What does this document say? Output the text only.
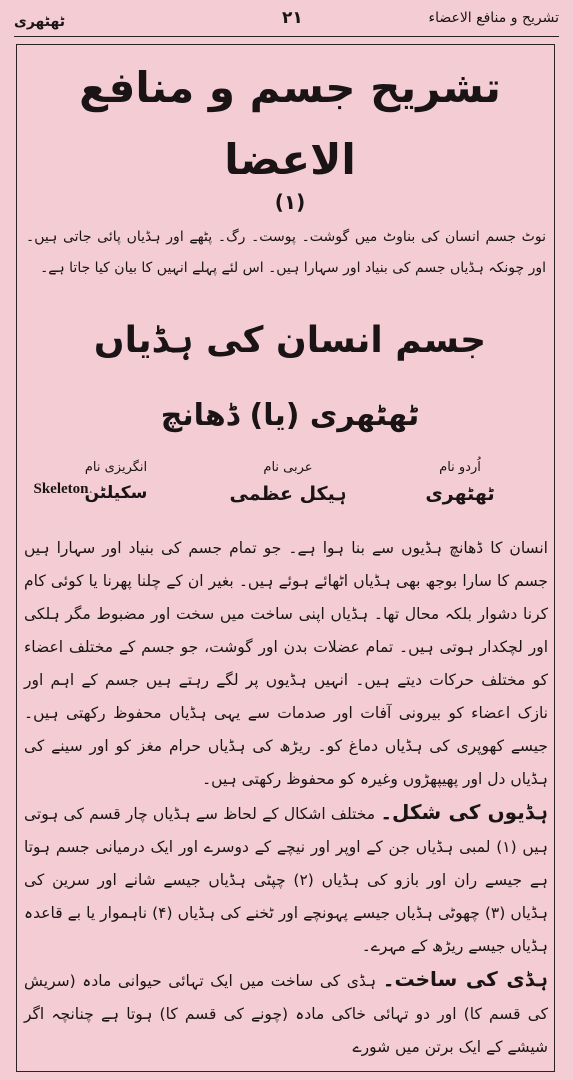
تشریح و منافع الاعضاء
۲۱
ٹھٹھری
تشریح جسم و منافع الاعضا
(۱)
نوٹ جسم انسان کی بناوٹ میں گوشت۔ پوست۔ رگ۔ پٹھے اور ہڈیاں پائی جاتی ہیں۔ اور چونکہ ہڈیاں جسم کی بنیاد اور سہارا ہیں۔ اس لئے پہلے انہیں کا بیان کیا جاتا ہے۔
جسم انسان کی ہڈیاں
ٹھٹھری (یا) ڈھانچ
اُردو نام
ٹھٹھری
عربی نام
ہیکل عظمی
انگریزی نام
سکیلٹن
Skeleton

انسان کا ڈھانچ ہڈیوں سے بنا ہوا ہے۔ جو تمام جسم کی بنیاد اور سہارا ہیں جسم کا سارا بوجھ بھی ہڈیاں اٹھائے ہوئے ہیں۔ بغیر ان کے چلنا پھرنا یا کوئی کام کرنا دشوار بلکہ محال تھا۔ ہڈیاں اپنی ساخت میں سخت اور مضبوط مگر ہلکی اور لچکدار ہوتی ہیں۔ تمام عضلات بدن اور گوشت، جو جسم کے مختلف اعضاء کو مختلف حرکات دیتے ہیں۔ انہیں ہڈیوں پر لگے رہتے ہیں جسم کے اہم اور نازک اعضاء کو بیرونی آفات اور صدمات سے یہی ہڈیاں محفوظ رکھتی ہیں۔ جیسے کھوپری کی ہڈیاں دماغ کو۔ ریڑھ کی ہڈیاں حرام مغز کو اور سینے کی ہڈیاں دل اور پھیپھڑوں وغیرہ کو محفوظ رکھتی ہیں۔

ہڈیوں کی شکل۔ مختلف اشکال کے لحاظ سے ہڈیاں چار قسم کی ہوتی ہیں (۱) لمبی ہڈیاں جن کے اوپر اور نیچے کے دوسرے اور ایک درمیانی جسم ہوتا ہے جیسے ران اور بازو کی ہڈیاں (۲) چپٹی ہڈیاں جیسے شانے اور سرین کی ہڈیاں (۳) چھوٹی ہڈیاں جیسے پہونچے اور ٹخنے کی ہڈیاں (۴) ناہموار یا بے قاعدہ ہڈیاں جیسے ریڑھ کے مہرے۔

ہڈی کی ساخت۔ ہڈی کی ساخت میں ایک تہائی حیوانی مادہ (سریش کی قسم کا) اور دو تہائی خاکی مادہ (چونے کی قسم کا) ہوتا ہے چنانچہ اگر شیشے کے ایک برتن میں شورے
